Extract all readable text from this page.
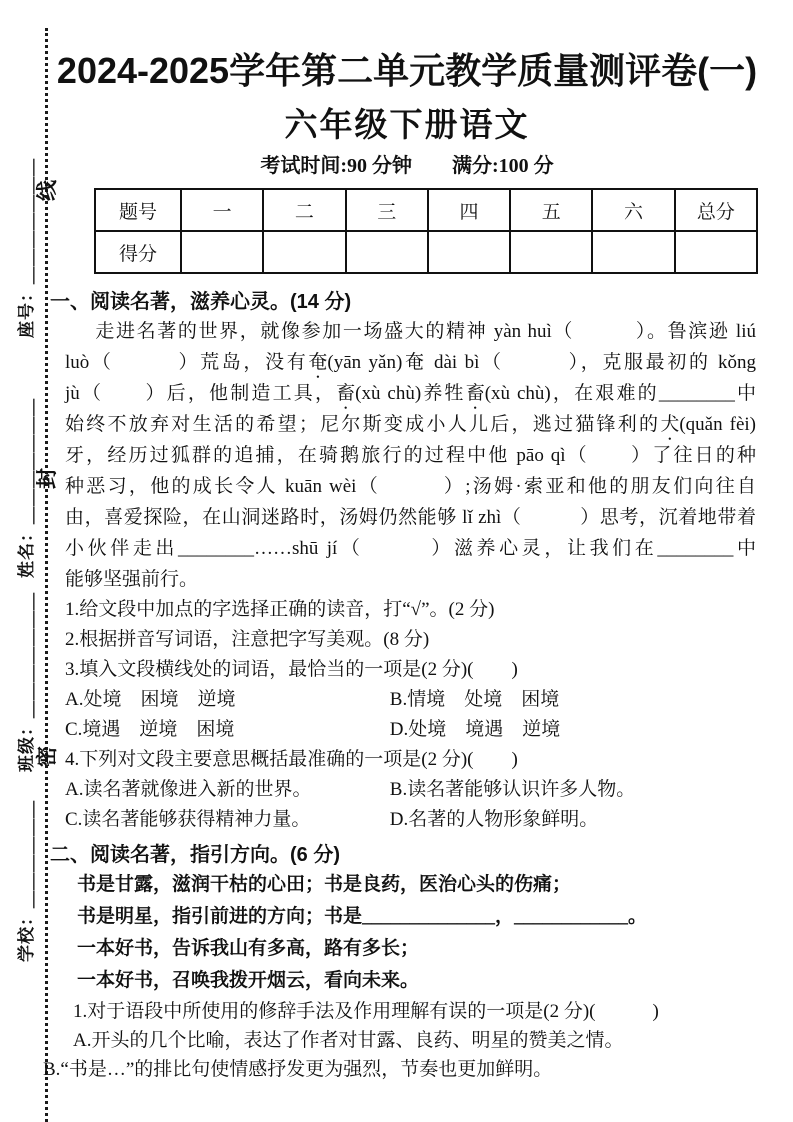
线
封
密
座号：＿＿＿＿＿＿＿
姓名：＿＿＿＿＿＿＿
班级：＿＿＿＿＿＿＿
学校：＿＿＿＿＿＿
2024-2025学年第二单元教学质量测评卷(一)
六年级下册语文
考试时间:90 分钟　　满分:100 分
题号	一	二	三	四	五	六	总分
得分							
一、阅读名著，滋养心灵。(14 分)
走进名著的世界，就像参加一场盛大的精神 yàn huì（　　　）。鲁滨逊 liú
luò（　　　）荒岛，没有奄(yān yǎn)奄 dài bì（　　　），克服最初的 kǒng
jù（　　）后，他制造工具，畜(xù chù)养牲畜(xù chù)，在艰难的________中
始终不放弃对生活的希望；尼尔斯变成小人儿后，逃过猫锋利的犬(quǎn fèi)
牙，经历过狐群的追捕，在骑鹅旅行的过程中他 pāo qì（　　）了往日的种
种恶习，他的成长令人 kuān wèi（　　　）;汤姆·索亚和他的朋友们向往自
由，喜爱探险，在山洞迷路时，汤姆仍然能够 lǐ zhì（　　　）思考，沉着地带着
小伙伴走出________……shū jí（　　　）滋养心灵，让我们在________中
能够坚强前行。
1.给文段中加点的字选择正确的读音，打“√”。(2 分)
2.根据拼音写词语，注意把字写美观。(8 分)
3.填入文段横线处的词语，最恰当的一项是(2 分)(　　)
A.处境　困境　逆境	B.情境　处境　困境
C.境遇　逆境　困境	D.处境　境遇　逆境
4.下列对文段主要意思概括最准确的一项是(2 分)(　　)
A.读名著就像进入新的世界。	B.读名著能够认识许多人物。
C.读名著能够获得精神力量。	D.名著的人物形象鲜明。
二、阅读名著，指引方向。(6 分)
书是甘露，滋润干枯的心田；书是良药，医治心头的伤痛；
书是明星，指引前进的方向；书是______________，____________。
一本好书，告诉我山有多高，路有多长；
一本好书，召唤我拨开烟云，看向未来。
1.对于语段中所使用的修辞手法及作用理解有误的一项是(2 分)(　　　)
A.开头的几个比喻，表达了作者对甘露、良药、明星的赞美之情。
B.“书是…”的排比句使情感抒发更为强烈，节奏也更加鲜明。
